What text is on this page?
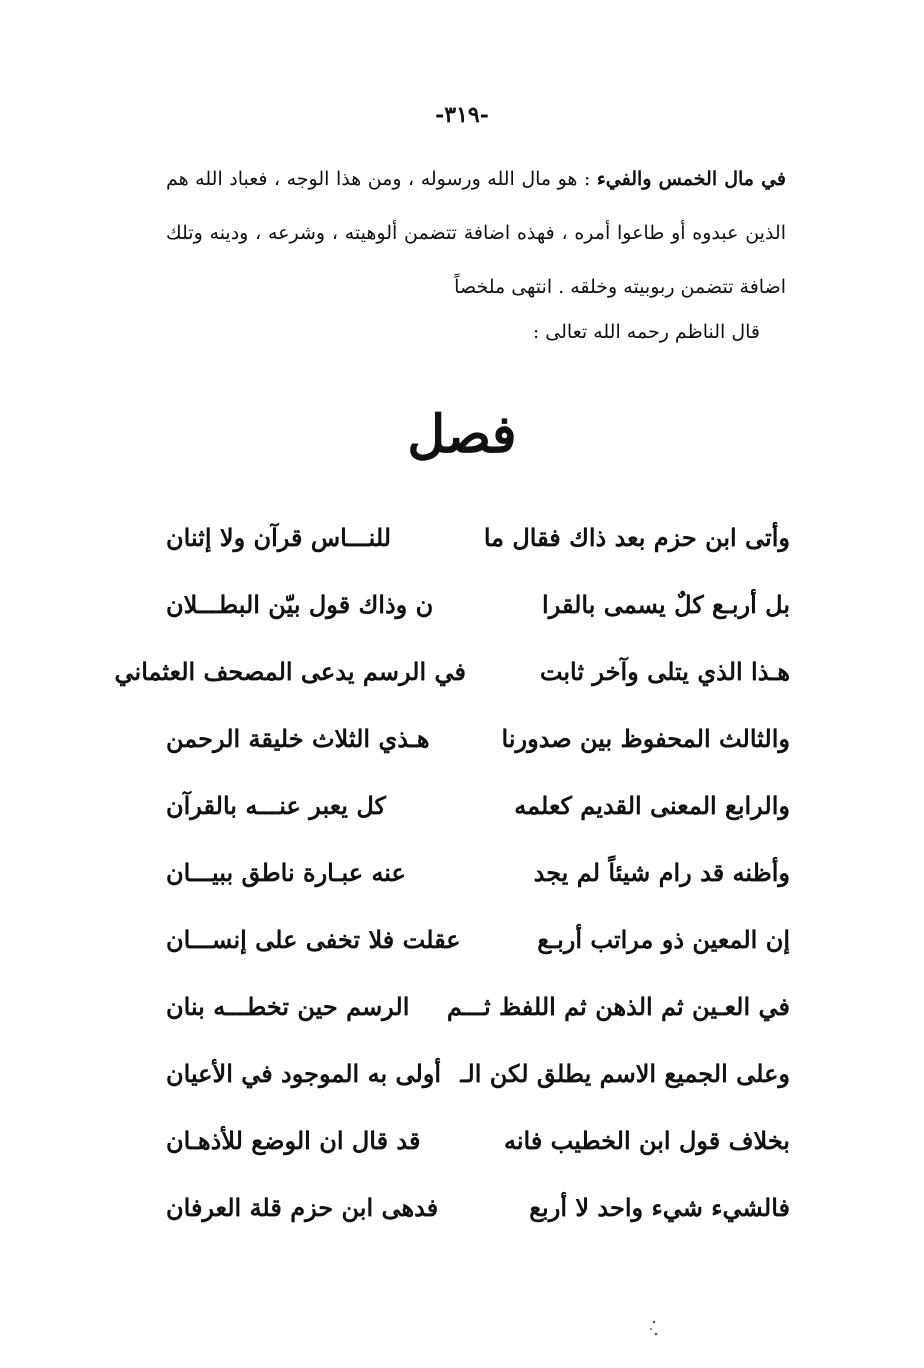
-٣١٩-

في مال الخمس والفيء : هو مال الله ورسوله ، ومن هذا الوجه ، فعباد الله هم الذين عبدوه أو طاعوا أمره ، فهذه اضافة تتضمن ألوهيته ، وشرعه ، ودينه وتلك اضافة تتضمن ربوبيته وخلقه . انتهى ملخصاً

قال الناظم رحمه الله تعالى :
فصل
وأتى ابن حزم بعد ذاك فقال ما
للنـــاس قرآن ولا إثنان
بل أربـع كلٌ يسمى بالقرا
ن وذاك قول بيّن البطـــلان
هـذا الذي يتلى وآخر ثابت
في الرسم يدعى المصحف العثماني
والثالث المحفوظ بين صدورنا
هـذي الثلاث خليقة الرحمن
والرابع المعنى القديم كعلمه
كل يعبر عنـــه بالقرآن
وأظنه قد رام شيئاً لم يجد
عنه عبـارة ناطق ببيـــان
إن المعين ذو مراتب أربـع
عقلت فلا تخفى على إنســـان
في العـين ثم الذهن ثم اللفظ ثـــم
الرسم حين تخطـــه بنان
وعلى الجميع الاسم يطلق لكن الـ
أولى به الموجود في الأعيان
بخلاف قول ابن الخطيب فانه
قد قال ان الوضع للأذهـان
فالشيء شيء واحد لا أربع
فدهى ابن حزم قلة العرفان
